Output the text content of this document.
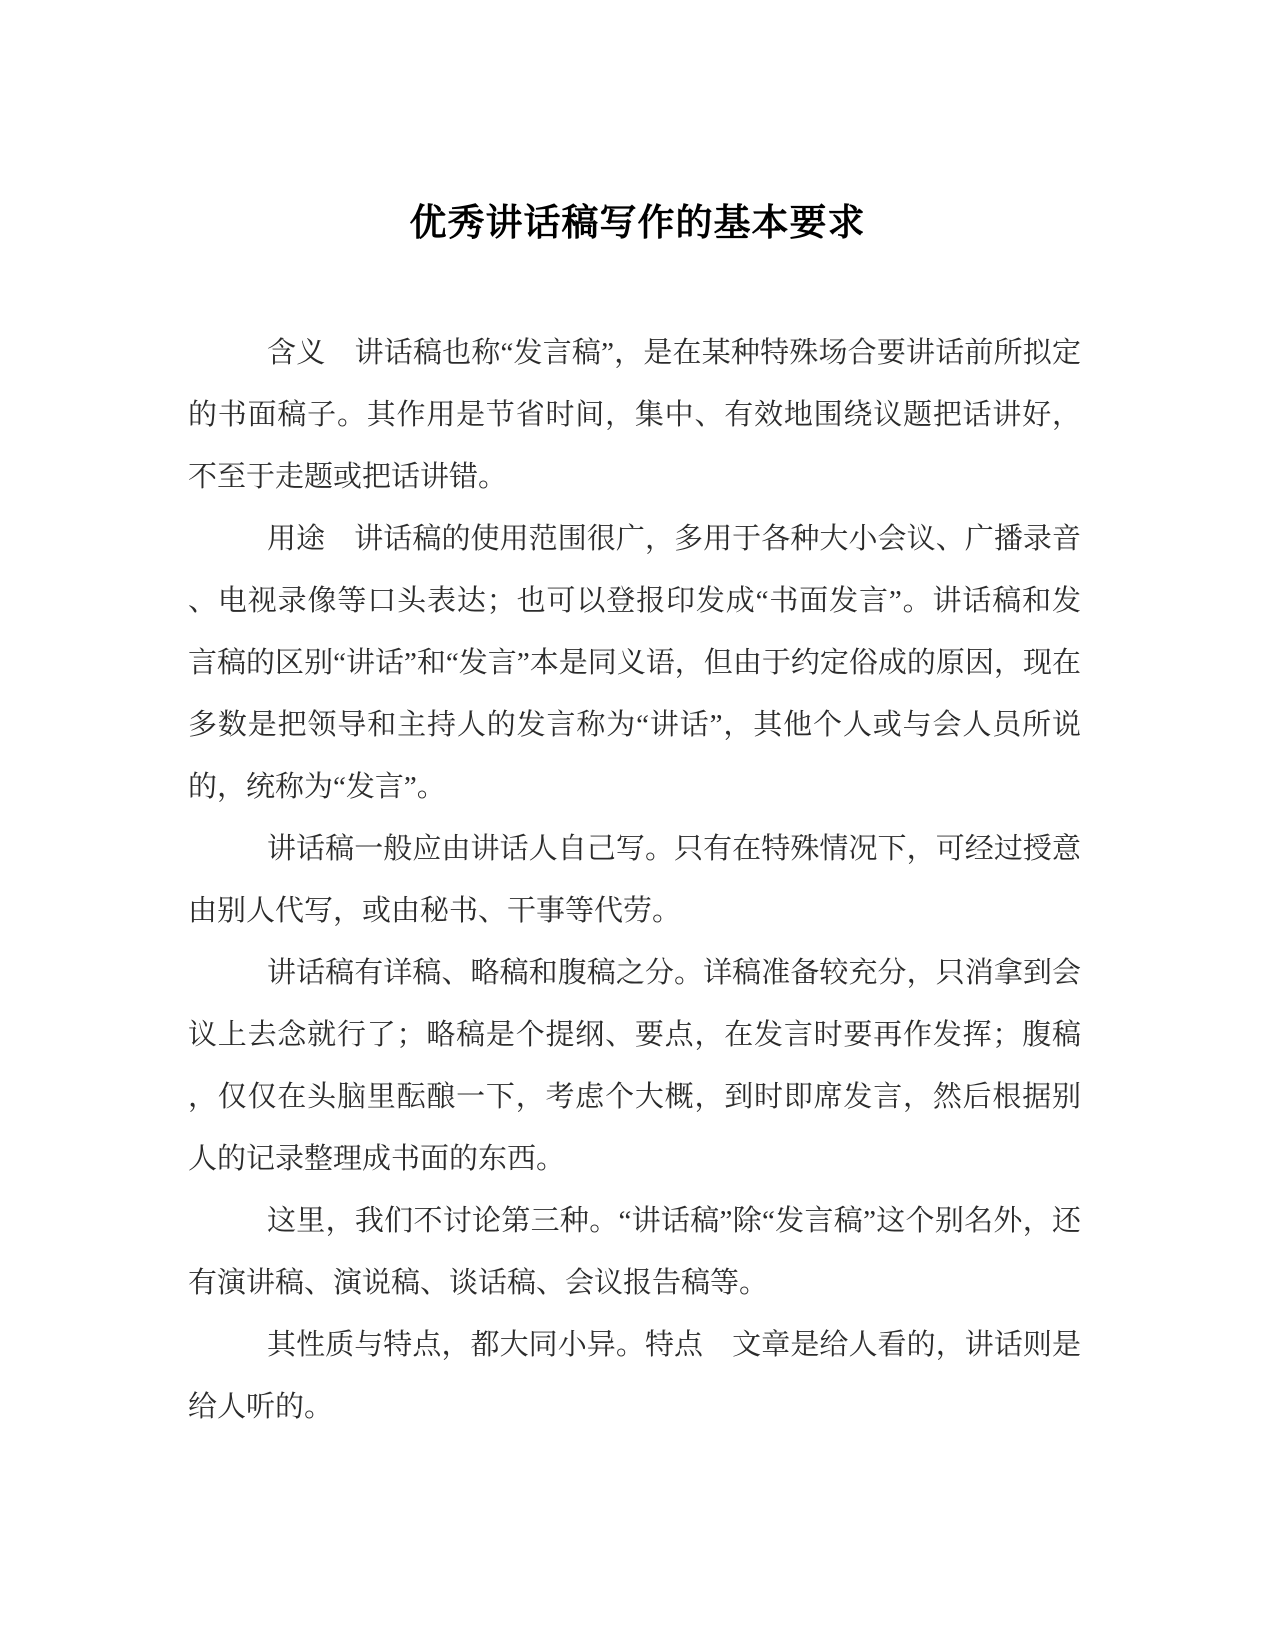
优秀讲话稿写作的基本要求

含义　讲话稿也称“发言稿”，是在某种特殊场合要讲话前所拟定的书面稿子。其作用是节省时间，集中、有效地围绕议题把话讲好，不至于走题或把话讲错。

用途　讲话稿的使用范围很广，多用于各种大小会议、广播录音、电视录像等口头表达；也可以登报印发成“书面发言”。讲话稿和发言稿的区别“讲话”和“发言”本是同义语，但由于约定俗成的原因，现在多数是把领导和主持人的发言称为“讲话”，其他个人或与会人员所说的，统称为“发言”。

讲话稿一般应由讲话人自己写。只有在特殊情况下，可经过授意由别人代写，或由秘书、干事等代劳。

讲话稿有详稿、略稿和腹稿之分。详稿准备较充分，只消拿到会议上去念就行了；略稿是个提纲、要点，在发言时要再作发挥；腹稿，仅仅在头脑里酝酿一下，考虑个大概，到时即席发言，然后根据别人的记录整理成书面的东西。

这里，我们不讨论第三种。“讲话稿”除“发言稿”这个别名外，还有演讲稿、演说稿、谈话稿、会议报告稿等。

其性质与特点，都大同小异。特点　文章是给人看的，讲话则是给人听的。
